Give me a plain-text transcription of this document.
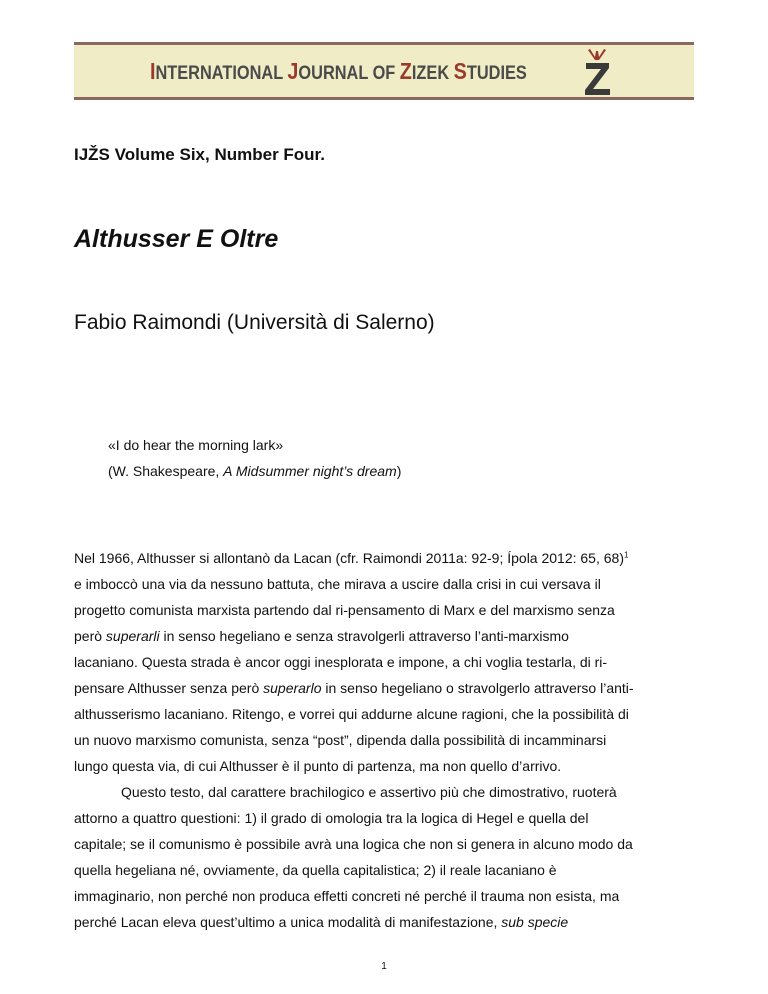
INTERNATIONAL JOURNAL OF ZIZEK STUDIES
IJŽS Volume Six, Number Four.
Althusser E Oltre
Fabio Raimondi (Università di Salerno)
«I do hear the morning lark»
(W. Shakespeare, A Midsummer night’s dream)

Nel 1966, Althusser si allontanò da Lacan (cfr. Raimondi 2011a: 92-9; Ípola 2012: 65, 68)$^1$
e imboccò una via da nessuno battuta, che mirava a uscire dalla crisi in cui versava il
progetto comunista marxista partendo dal ri-pensamento di Marx e del marxismo senza
però superarli in senso hegeliano e senza stravolgerli attraverso l’anti-marxismo
lacaniano. Questa strada è ancor oggi inesplorata e impone, a chi voglia testarla, di ri-
pensare Althusser senza però superarlo in senso hegeliano o stravolgerlo attraverso l’anti-
althusserismo lacaniano. Ritengo, e vorrei qui addurne alcune ragioni, che la possibilità di
un nuovo marxismo comunista, senza “post”, dipenda dalla possibilità di incamminarsi
lungo questa via, di cui Althusser è il punto di partenza, ma non quello d’arrivo.

Questo testo, dal carattere brachilogico e assertivo più che dimostrativo, ruoterà

attorno a quattro questioni: 1) il grado di omologia tra la logica di Hegel e quella del
capitale; se il comunismo è possibile avrà una logica che non si genera in alcuno modo da
quella hegeliana né, ovviamente, da quella capitalistica; 2) il reale lacaniano è
immaginario, non perché non produca effetti concreti né perché il trauma non esista, ma
perché Lacan eleva quest’ultimo a unica modalità di manifestazione, sub specie

1
